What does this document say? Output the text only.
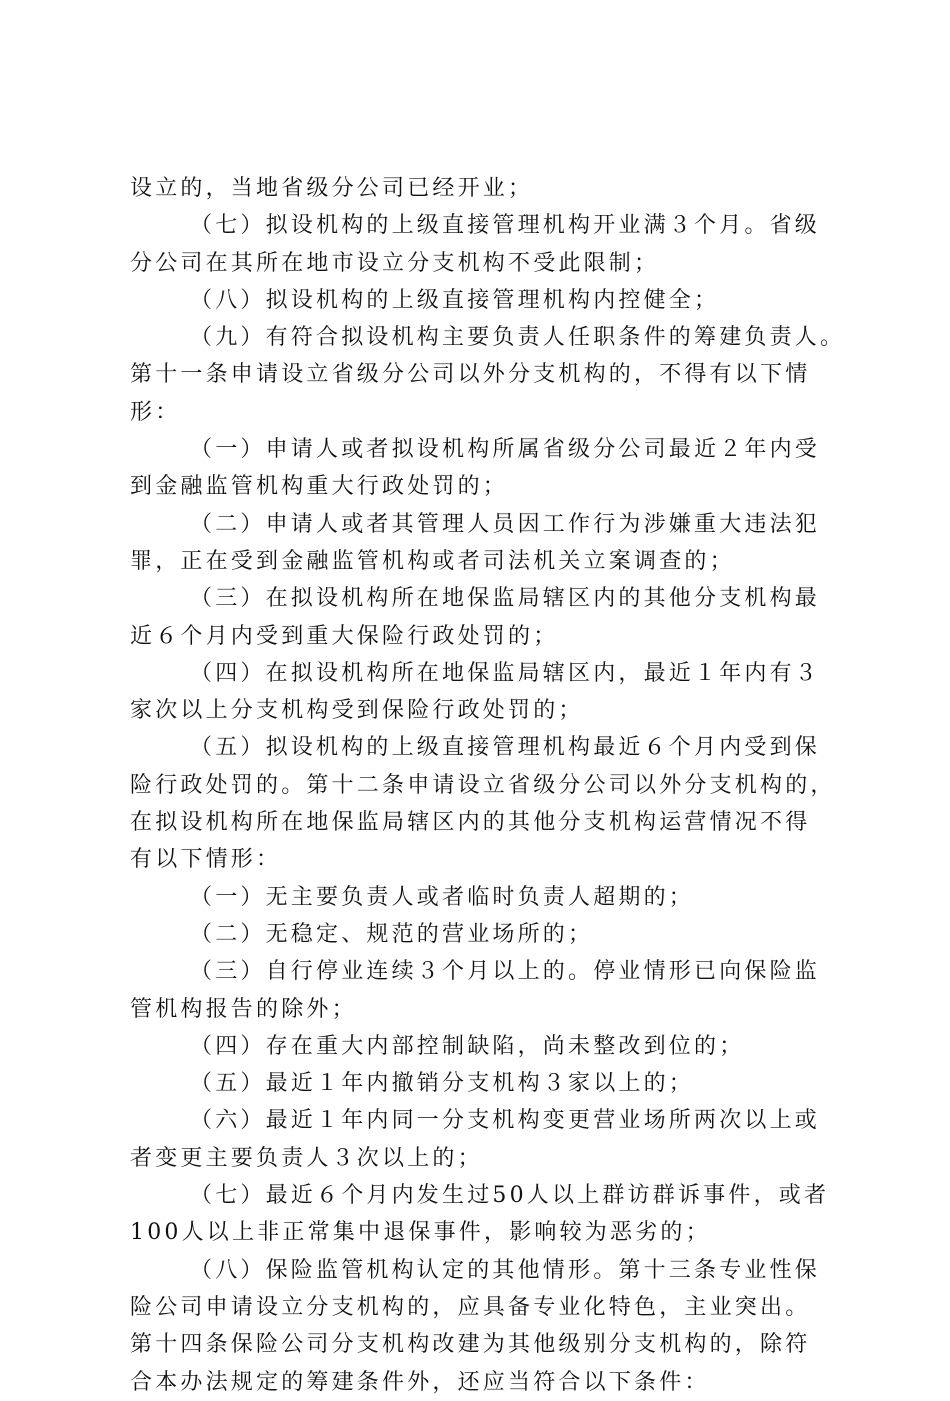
设立的，当地省级分公司已经开业；
（七）拟设机构的上级直接管理机构开业满３个月。省级
分公司在其所在地市设立分支机构不受此限制；
（八）拟设机构的上级直接管理机构内控健全；
（九）有符合拟设机构主要负责人任职条件的筹建负责人。
第十一条申请设立省级分公司以外分支机构的，不得有以下情
形：
（一）申请人或者拟设机构所属省级分公司最近２年内受
到金融监管机构重大行政处罚的；
（二）申请人或者其管理人员因工作行为涉嫌重大违法犯
罪，正在受到金融监管机构或者司法机关立案调查的；
（三）在拟设机构所在地保监局辖区内的其他分支机构最
近６个月内受到重大保险行政处罚的；
（四）在拟设机构所在地保监局辖区内，最近１年内有３
家次以上分支机构受到保险行政处罚的；
（五）拟设机构的上级直接管理机构最近６个月内受到保
险行政处罚的。第十二条申请设立省级分公司以外分支机构的，
在拟设机构所在地保监局辖区内的其他分支机构运营情况不得
有以下情形：
（一）无主要负责人或者临时负责人超期的；
（二）无稳定、规范的营业场所的；
（三）自行停业连续３个月以上的。停业情形已向保险监
管机构报告的除外；
（四）存在重大内部控制缺陷，尚未整改到位的；
（五）最近１年内撤销分支机构３家以上的；
（六）最近１年内同一分支机构变更营业场所两次以上或
者变更主要负责人３次以上的；
（七）最近６个月内发生过50人以上群访群诉事件，或者
100人以上非正常集中退保事件，影响较为恶劣的；
（八）保险监管机构认定的其他情形。第十三条专业性保
险公司申请设立分支机构的，应具备专业化特色，主业突出。
第十四条保险公司分支机构改建为其他级别分支机构的，除符
合本办法规定的筹建条件外，还应当符合以下条件：
